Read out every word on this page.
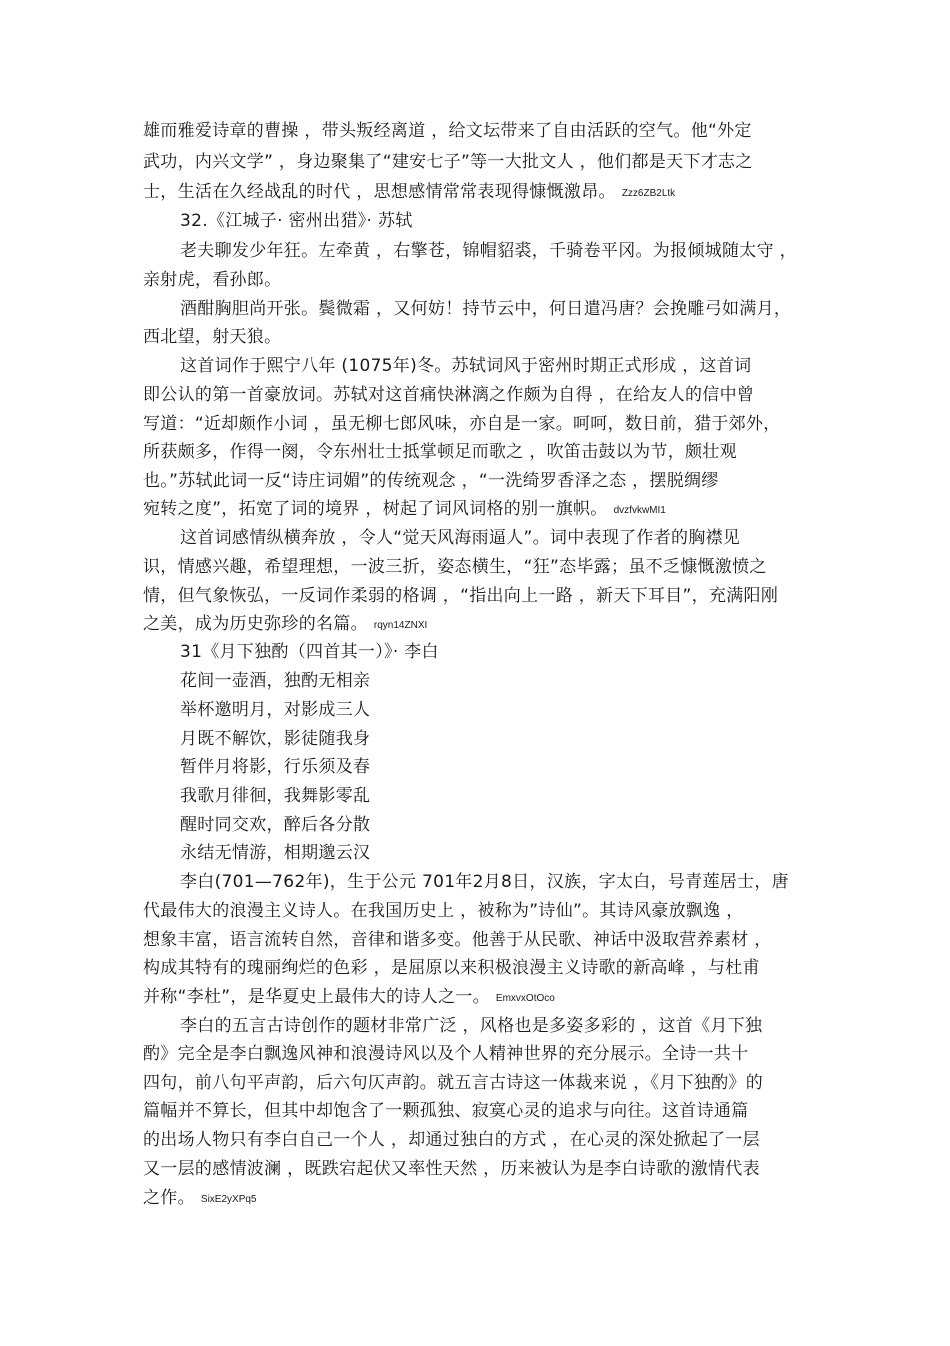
雄而雅爱诗章的曹操 ，带头叛经离道 ，给文坛带来了自由活跃的空气。他“外定
武功，内兴文学” ，身边聚集了“建安七子”等一大批文人 ，他们都是天下才志之
士，生活在久经战乱的时代 ，思想感情常常表现得慷慨激昂。 Zzz6ZB2Ltk
32.《江城子· 密州出猎》· 苏轼
老夫聊发少年狂。左牵黄 ，右擎苍，锦帽貂裘，千骑卷平冈。为报倾城随太守 ，
亲射虎，看孙郎。
酒酣胸胆尚开张。鬓微霜 ，又何妨！持节云中，何日遣冯唐？会挽雕弓如满月，
西北望，射天狼。
这首词作于熙宁八年 (1075年)冬。苏轼词风于密州时期正式形成 ，这首词
即公认的第一首豪放词。苏轼对这首痛快淋漓之作颇为自得 ，在给友人的信中曾
写道：“近却颇作小词 ，虽无柳七郎风味，亦自是一家。呵呵，数日前，猎于郊外，
所获颇多，作得一阕，令东州壮士抵掌顿足而歌之 ，吹笛击鼓以为节，颇壮观
也。”苏轼此词一反“诗庄词媚”的传统观念 ，“一洗绮罗香泽之态 ，摆脱绸缪
宛转之度”，拓宽了词的境界 ，树起了词风词格的别一旗帜。 dvzfvkwMI1
这首词感情纵横奔放 ，令人“觉天风海雨逼人”。词中表现了作者的胸襟见
识，情感兴趣，希望理想，一波三折，姿态横生，“狂”态毕露；虽不乏慷慨激愤之
情，但气象恢弘，一反词作柔弱的格调 ，“指出向上一路 ，新天下耳目”，充满阳刚
之美，成为历史弥珍的名篇。 rqyn14ZNXI
31《月下独酌（四首其一）》· 李白
花间一壶酒，独酌无相亲
举杯邀明月，对影成三人
月既不解饮，影徒随我身
暂伴月将影，行乐须及春
我歌月徘徊，我舞影零乱
醒时同交欢，醉后各分散
永结无情游，相期邈云汉
李白(701—762年)，生于公元 701年2月8日，汉族，字太白，号青莲居士，唐
代最伟大的浪漫主义诗人。在我国历史上 ，被称为”诗仙”。其诗风豪放飘逸 ，
想象丰富，语言流转自然，音律和谐多变。他善于从民歌、神话中汲取营养素材 ，
构成其特有的瑰丽绚烂的色彩 ，是屈原以来积极浪漫主义诗歌的新高峰 ，与杜甫
并称“李杜”，是华夏史上最伟大的诗人之一。 EmxvxOtOco
李白的五言古诗创作的题材非常广泛 ，风格也是多姿多彩的 ，这首《月下独
酌》完全是李白飘逸风神和浪漫诗风以及个人精神世界的充分展示。全诗一共十
四句，前八句平声韵，后六句仄声韵。就五言古诗这一体裁来说 ，《月下独酌》的
篇幅并不算长，但其中却饱含了一颗孤独、寂寞心灵的追求与向往。这首诗通篇
的出场人物只有李白自己一个人 ，却通过独白的方式 ，在心灵的深处掀起了一层
又一层的感情波澜 ，既跌宕起伏又率性天然 ，历来被认为是李白诗歌的激情代表
之作。 SixE2yXPq5
